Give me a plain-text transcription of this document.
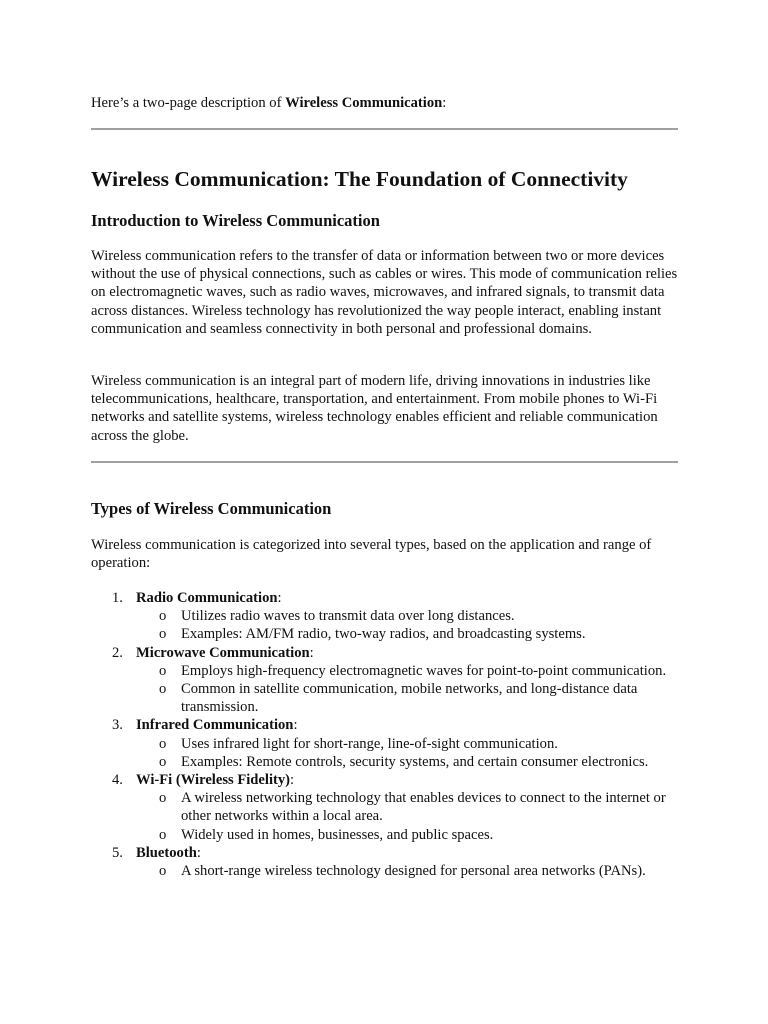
Here’s a two-page description of Wireless Communication:
Wireless Communication: The Foundation of Connectivity
Introduction to Wireless Communication

Wireless communication refers to the transfer of data or information between two or more devices without the use of physical connections, such as cables or wires. This mode of communication relies on electromagnetic waves, such as radio waves, microwaves, and infrared signals, to transmit data across distances. Wireless technology has revolutionized the way people interact, enabling instant communication and seamless connectivity in both personal and professional domains.

Wireless communication is an integral part of modern life, driving innovations in industries like telecommunications, healthcare, transportation, and entertainment. From mobile phones to Wi-Fi networks and satellite systems, wireless technology enables efficient and reliable communication across the globe.

Types of Wireless Communication

Wireless communication is categorized into several types, based on the application and range of operation:

1. Radio Communication:
o Utilizes radio waves to transmit data over long distances.
o Examples: AM/FM radio, two-way radios, and broadcasting systems.
2. Microwave Communication:
o Employs high-frequency electromagnetic waves for point-to-point communication.
o Common in satellite communication, mobile networks, and long-distance data transmission.
3. Infrared Communication:
o Uses infrared light for short-range, line-of-sight communication.
o Examples: Remote controls, security systems, and certain consumer electronics.
4. Wi-Fi (Wireless Fidelity):
o A wireless networking technology that enables devices to connect to the internet or other networks within a local area.
o Widely used in homes, businesses, and public spaces.
5. Bluetooth:
o A short-range wireless technology designed for personal area networks (PANs).
